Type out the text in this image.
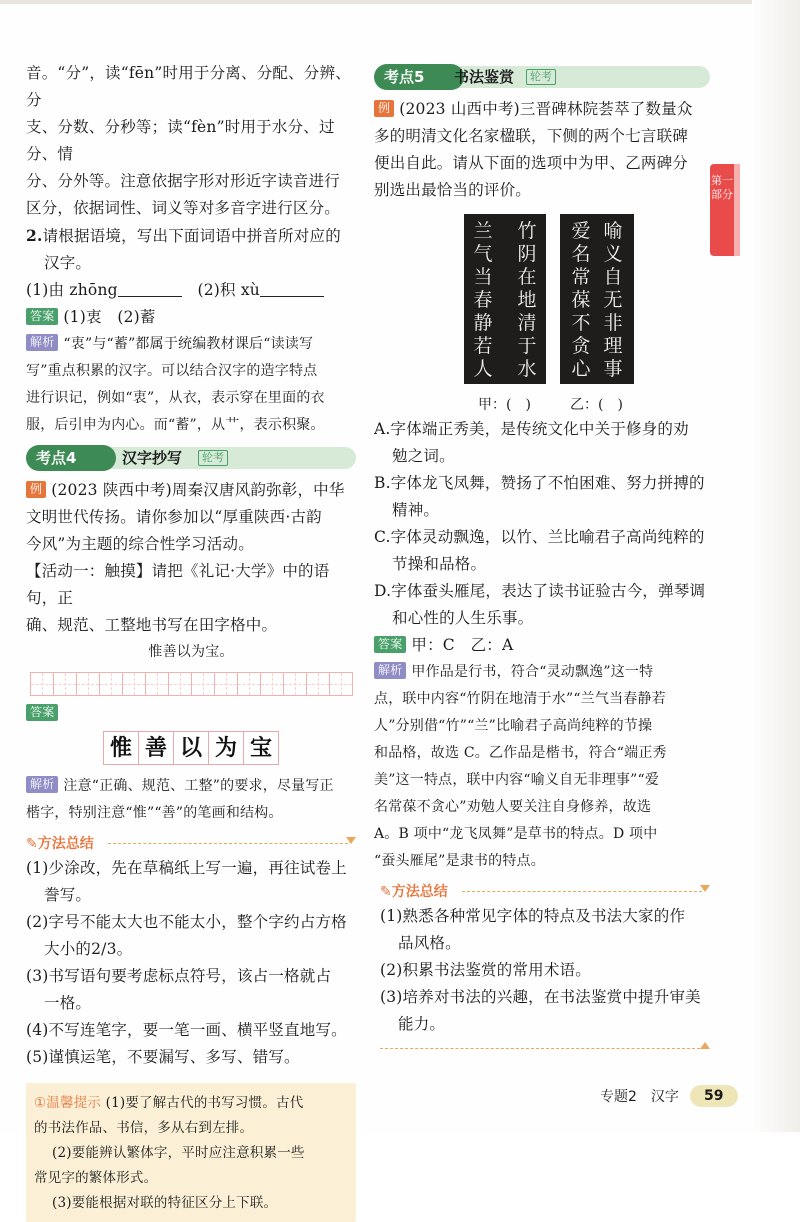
音。“分”，读“fēn”时用于分离、分配、分辨、分

支、分数、分秒等；读“fèn”时用于水分、过分、情

分、分外等。注意依据字形对形近字读音进行

区分，依据词性、词义等对多音字进行区分。

2.请根据语境，写出下面词语中拼音所对应的

汉字。

(1)由 zhōng　	(2)积 xù

答案 (1)衷　(2)蓄

解析 “衷”与“蓄”都属于统编教材课后“读读写

写”重点积累的汉字。可以结合汉字的造字特点

进行识记，例如“衷”，从衣，表示穿在里面的衣

服，后引申为内心。而“蓄”，从艹，表示积聚。

考点4	汉字抄写	轮考

例 (2023 陕西中考)周秦汉唐风韵弥彰，中华

文明世代传扬。请你参加以“厚重陕西·古韵

今风”为主题的综合性学习活动。

【活动一：触摸】请把《礼记·大学》中的语句，正

确、规范、工整地书写在田字格中。

惟善以为宝。

答案

惟 善 以 为 宝

解析 注意“正确、规范、工整”的要求，尽量写正

楷字，特别注意“惟”“善”的笔画和结构。

✎方法总结

(1)少涂改，先在草稿纸上写一遍，再往试卷上

誊写。

(2)字号不能太大也不能太小，整个字约占方格

大小的2/3。

(3)书写语句要考虑标点符号，该占一格就占

一格。

(4)不写连笔字，要一笔一画、横平竖直地写。

(5)谨慎运笔，不要漏写、多写、错写。

①温馨提示 (1)要了解古代的书写习惯。古代

的书法作品、书信，多从右到左排。

(2)要能辨认繁体字，平时应注意积累一些

常见字的繁体形式。

(3)要能根据对联的特征区分上下联。

考点5	书法鉴赏	轮考

例 (2023 山西中考)三晋碑林院荟萃了数量众

多的明清文化名家楹联，下侧的两个七言联碑

便出自此。请从下面的选项中为甲、乙两碑分

别选出最恰当的评价。

兰气当春静若人
竹阴在地清于水
爱名常葆不贪心
喻义自无非理事
甲：(　)	乙：(　)

A.字体端正秀美，是传统文化中关于修身的劝

勉之词。

B.字体龙飞凤舞，赞扬了不怕困难、努力拼搏的

精神。

C.字体灵动飘逸，以竹、兰比喻君子高尚纯粹的

节操和品格。

D.字体蚕头雁尾，表达了读书证验古今，弹琴调

和心性的人生乐事。

答案 甲：C　乙：A

解析 甲作品是行书，符合“灵动飘逸”这一特

点，联中内容“竹阴在地清于水”“兰气当春静若

人”分别借“竹”“兰”比喻君子高尚纯粹的节操

和品格，故选 C。乙作品是楷书，符合“端正秀

美”这一特点，联中内容“喻义自无非理事”“爱

名常葆不贪心”劝勉人要关注自身修养，故选

A。B 项中“龙飞凤舞”是草书的特点。D 项中

“蚕头雁尾”是隶书的特点。

✎方法总结

(1)熟悉各种常见字体的特点及书法大家的作

品风格。

(2)积累书法鉴赏的常用术语。

(3)培养对书法的兴趣，在书法鉴赏中提升审美

能力。

第一部分
专题2　汉字	59
